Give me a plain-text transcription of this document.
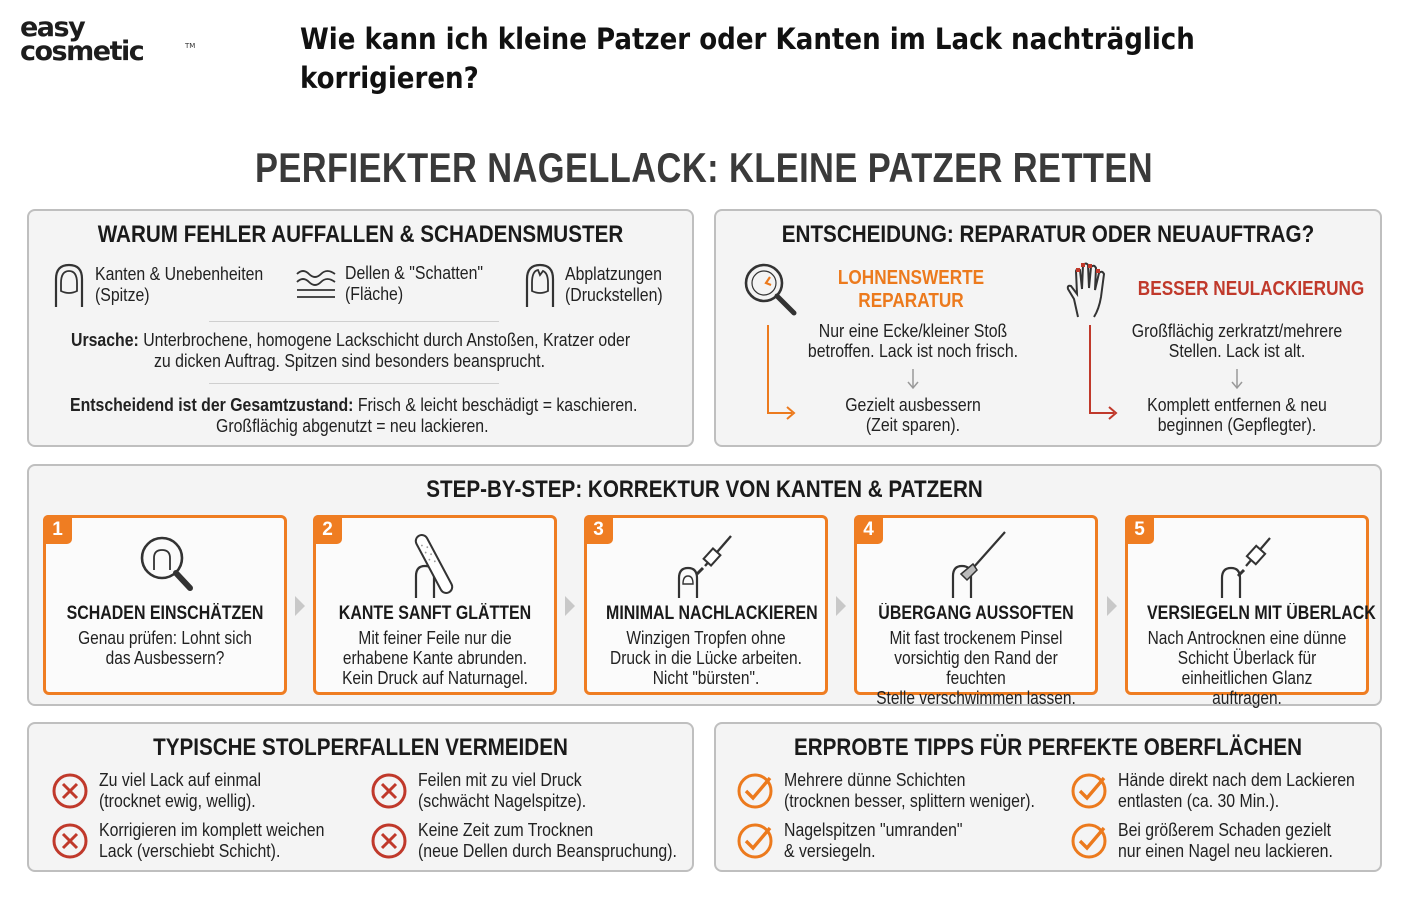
easy
cosmetic	TM	Wie kann ich kleine Patzer oder Kanten im Lack nachträglich korrigieren?
PERFIEKTER NAGELLACK: KLEINE PATZER RETTEN
WARUM FEHLER AUFFALLEN & SCHADENSMUSTER
Kanten & Unebenheiten
(Spitze)
Dellen & "Schatten"
(Fläche)
Abplatzungen
(Druckstellen)
Ursache: Unterbrochene, homogene Lackschicht durch Anstoßen, Kratzer oder
zu dicken Auftrag. Spitzen sind besonders beansprucht.
Entscheidend ist der Gesamtzustand: Frisch & leicht beschädigt = kaschieren.
Großflächig abgenutzt = neu lackieren.
ENTSCHEIDUNG: REPARATUR ODER NEUAUFTRAG?
LOHNENSWERTE
REPARATUR
Nur eine Ecke/kleiner Stoß
betroffen. Lack ist noch frisch.
Gezielt ausbessern
(Zeit sparen).
BESSER NEULACKIERUNG
Großflächig zerkratzt/mehrere
Stellen. Lack ist alt.
Komplett entfernen & neu
beginnen (Gepflegter).
STEP-BY-STEP: KORREKTUR VON KANTEN & PATZERN
1
SCHADEN EINSCHÄTZEN
Genau prüfen: Lohnt sich
das Ausbessern?
2
KANTE SANFT GLÄTTEN
Mit feiner Feile nur die
erhabene Kante abrunden.
Kein Druck auf Naturnagel.
3
MINIMAL NACHLACKIEREN
Winzigen Tropfen ohne
Druck in die Lücke arbeiten.
Nicht "bürsten".
4
ÜBERGANG AUSSOFTEN
Mit fast trockenem Pinsel
vorsichtig den Rand der feuchten
Stelle verschwimmen lassen.
5
VERSIEGELN MIT ÜBERLACK
Nach Antrocknen eine dünne
Schicht Überlack für
einheitlichen Glanz auftragen.
TYPISCHE STOLPERFALLEN VERMEIDEN
Zu viel Lack auf einmal
(trocknet ewig, wellig).
Feilen mit zu viel Druck
(schwächt Nagelspitze).
Korrigieren im komplett weichen
Lack (verschiebt Schicht).
Keine Zeit zum Trocknen
(neue Dellen durch Beanspruchung).
ERPROBTE TIPPS FÜR PERFEKTE OBERFLÄCHEN
Mehrere dünne Schichten
(trocknen besser, splittern weniger).
Hände direkt nach dem Lackieren
entlasten (ca. 30 Min.).
Nagelspitzen "umranden"
& versiegeln.
Bei größerem Schaden gezielt
nur einen Nagel neu lackieren.
